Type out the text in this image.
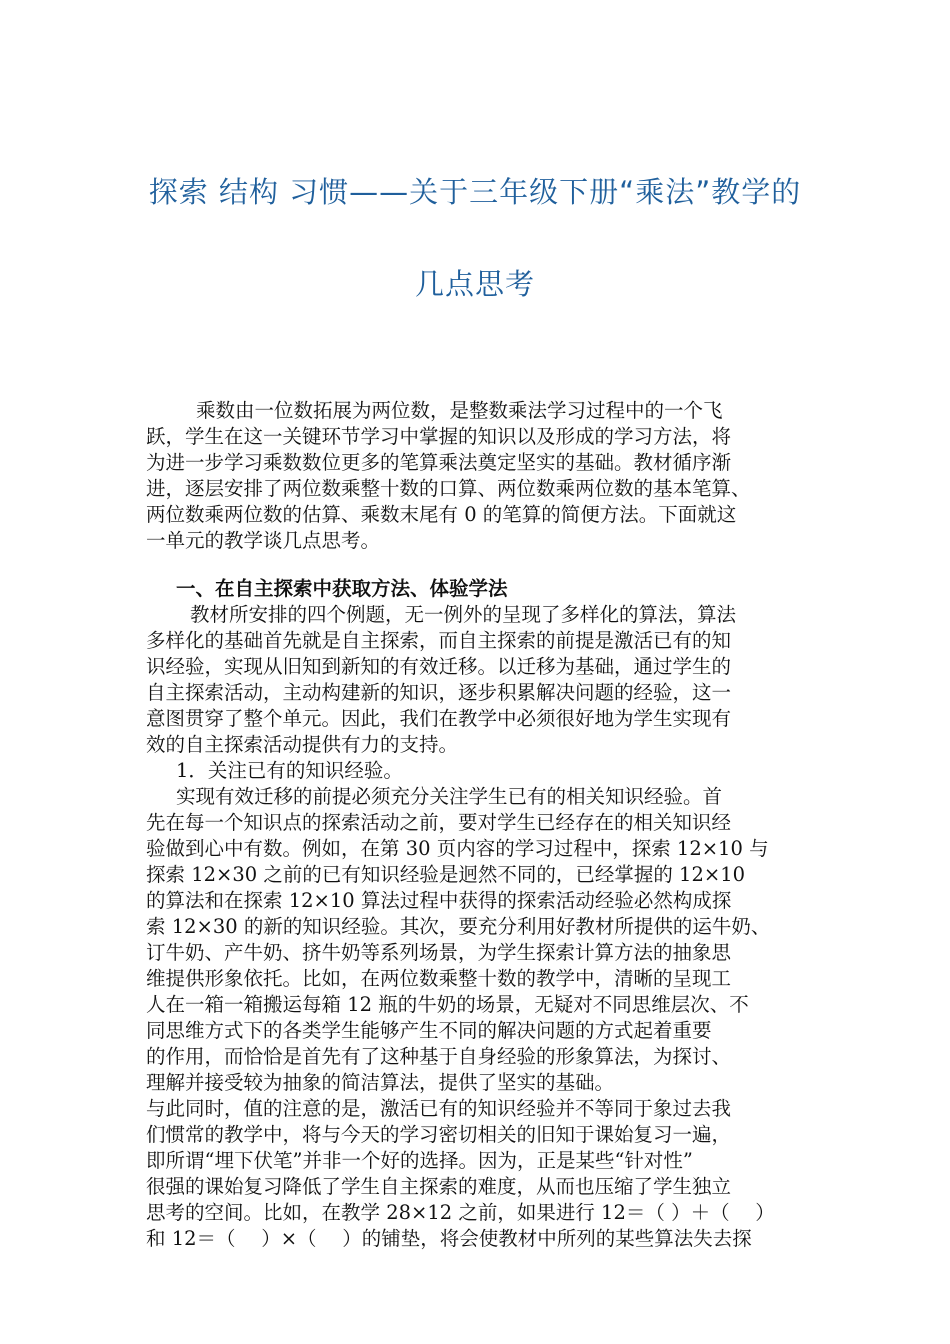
探索 结构 习惯——关于三年级下册“乘法”教学的
几点思考
乘数由一位数拓展为两位数，是整数乘法学习过程中的一个飞
跃，学生在这一关键环节学习中掌握的知识以及形成的学习方法，将
为进一步学习乘数数位更多的笔算乘法奠定坚实的基础。教材循序渐
进，逐层安排了两位数乘整十数的口算、两位数乘两位数的基本笔算、
两位数乘两位数的估算、乘数末尾有 0 的笔算的简便方法。下面就这
一单元的教学谈几点思考。
一、在自主探索中获取方法、体验学法
教材所安排的四个例题，无一例外的呈现了多样化的算法，算法
多样化的基础首先就是自主探索，而自主探索的前提是激活已有的知
识经验，实现从旧知到新知的有效迁移。以迁移为基础，通过学生的
自主探索活动，主动构建新的知识，逐步积累解决问题的经验，这一
意图贯穿了整个单元。因此，我们在教学中必须很好地为学生实现有
效的自主探索活动提供有力的支持。
1．关注已有的知识经验。
实现有效迁移的前提必须充分关注学生已有的相关知识经验。首
先在每一个知识点的探索活动之前，要对学生已经存在的相关知识经
验做到心中有数。例如，在第 30 页内容的学习过程中，探索 12×10 与
探索 12×30 之前的已有知识经验是迥然不同的，已经掌握的 12×10
的算法和在探索 12×10 算法过程中获得的探索活动经验必然构成探
索 12×30 的新的知识经验。其次，要充分利用好教材所提供的运牛奶、
订牛奶、产牛奶、挤牛奶等系列场景，为学生探索计算方法的抽象思
维提供形象依托。比如，在两位数乘整十数的教学中，清晰的呈现工
人在一箱一箱搬运每箱 12 瓶的牛奶的场景，无疑对不同思维层次、不
同思维方式下的各类学生能够产生不同的解决问题的方式起着重要
的作用，而恰恰是首先有了这种基于自身经验的形象算法，为探讨、
理解并接受较为抽象的简洁算法，提供了坚实的基础。
与此同时，值的注意的是，激活已有的知识经验并不等同于象过去我
们惯常的教学中，将与今天的学习密切相关的旧知于课始复习一遍，
即所谓“埋下伏笔”并非一个好的选择。因为，正是某些“针对性”
很强的课始复习降低了学生自主探索的难度，从而也压缩了学生独立
思考的空间。比如，在教学 28×12 之前，如果进行 12＝（ ）＋（　 ）
和 12＝（　 ）×（　 ）的铺垫，将会使教材中所列的某些算法失去探
